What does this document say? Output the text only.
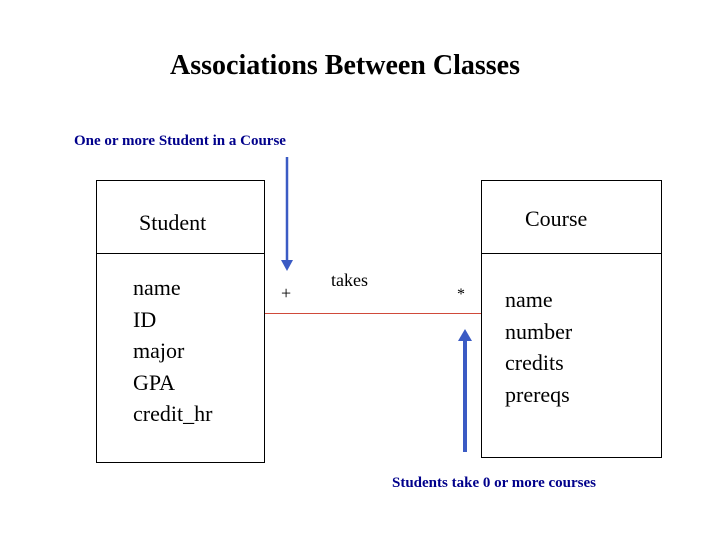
Associations Between Classes
One or more Student in a Course
Student
name
ID
major
GPA
credit_hr
Course
name
number
credits
prereqs
+
takes
*
Students take 0 or more courses
